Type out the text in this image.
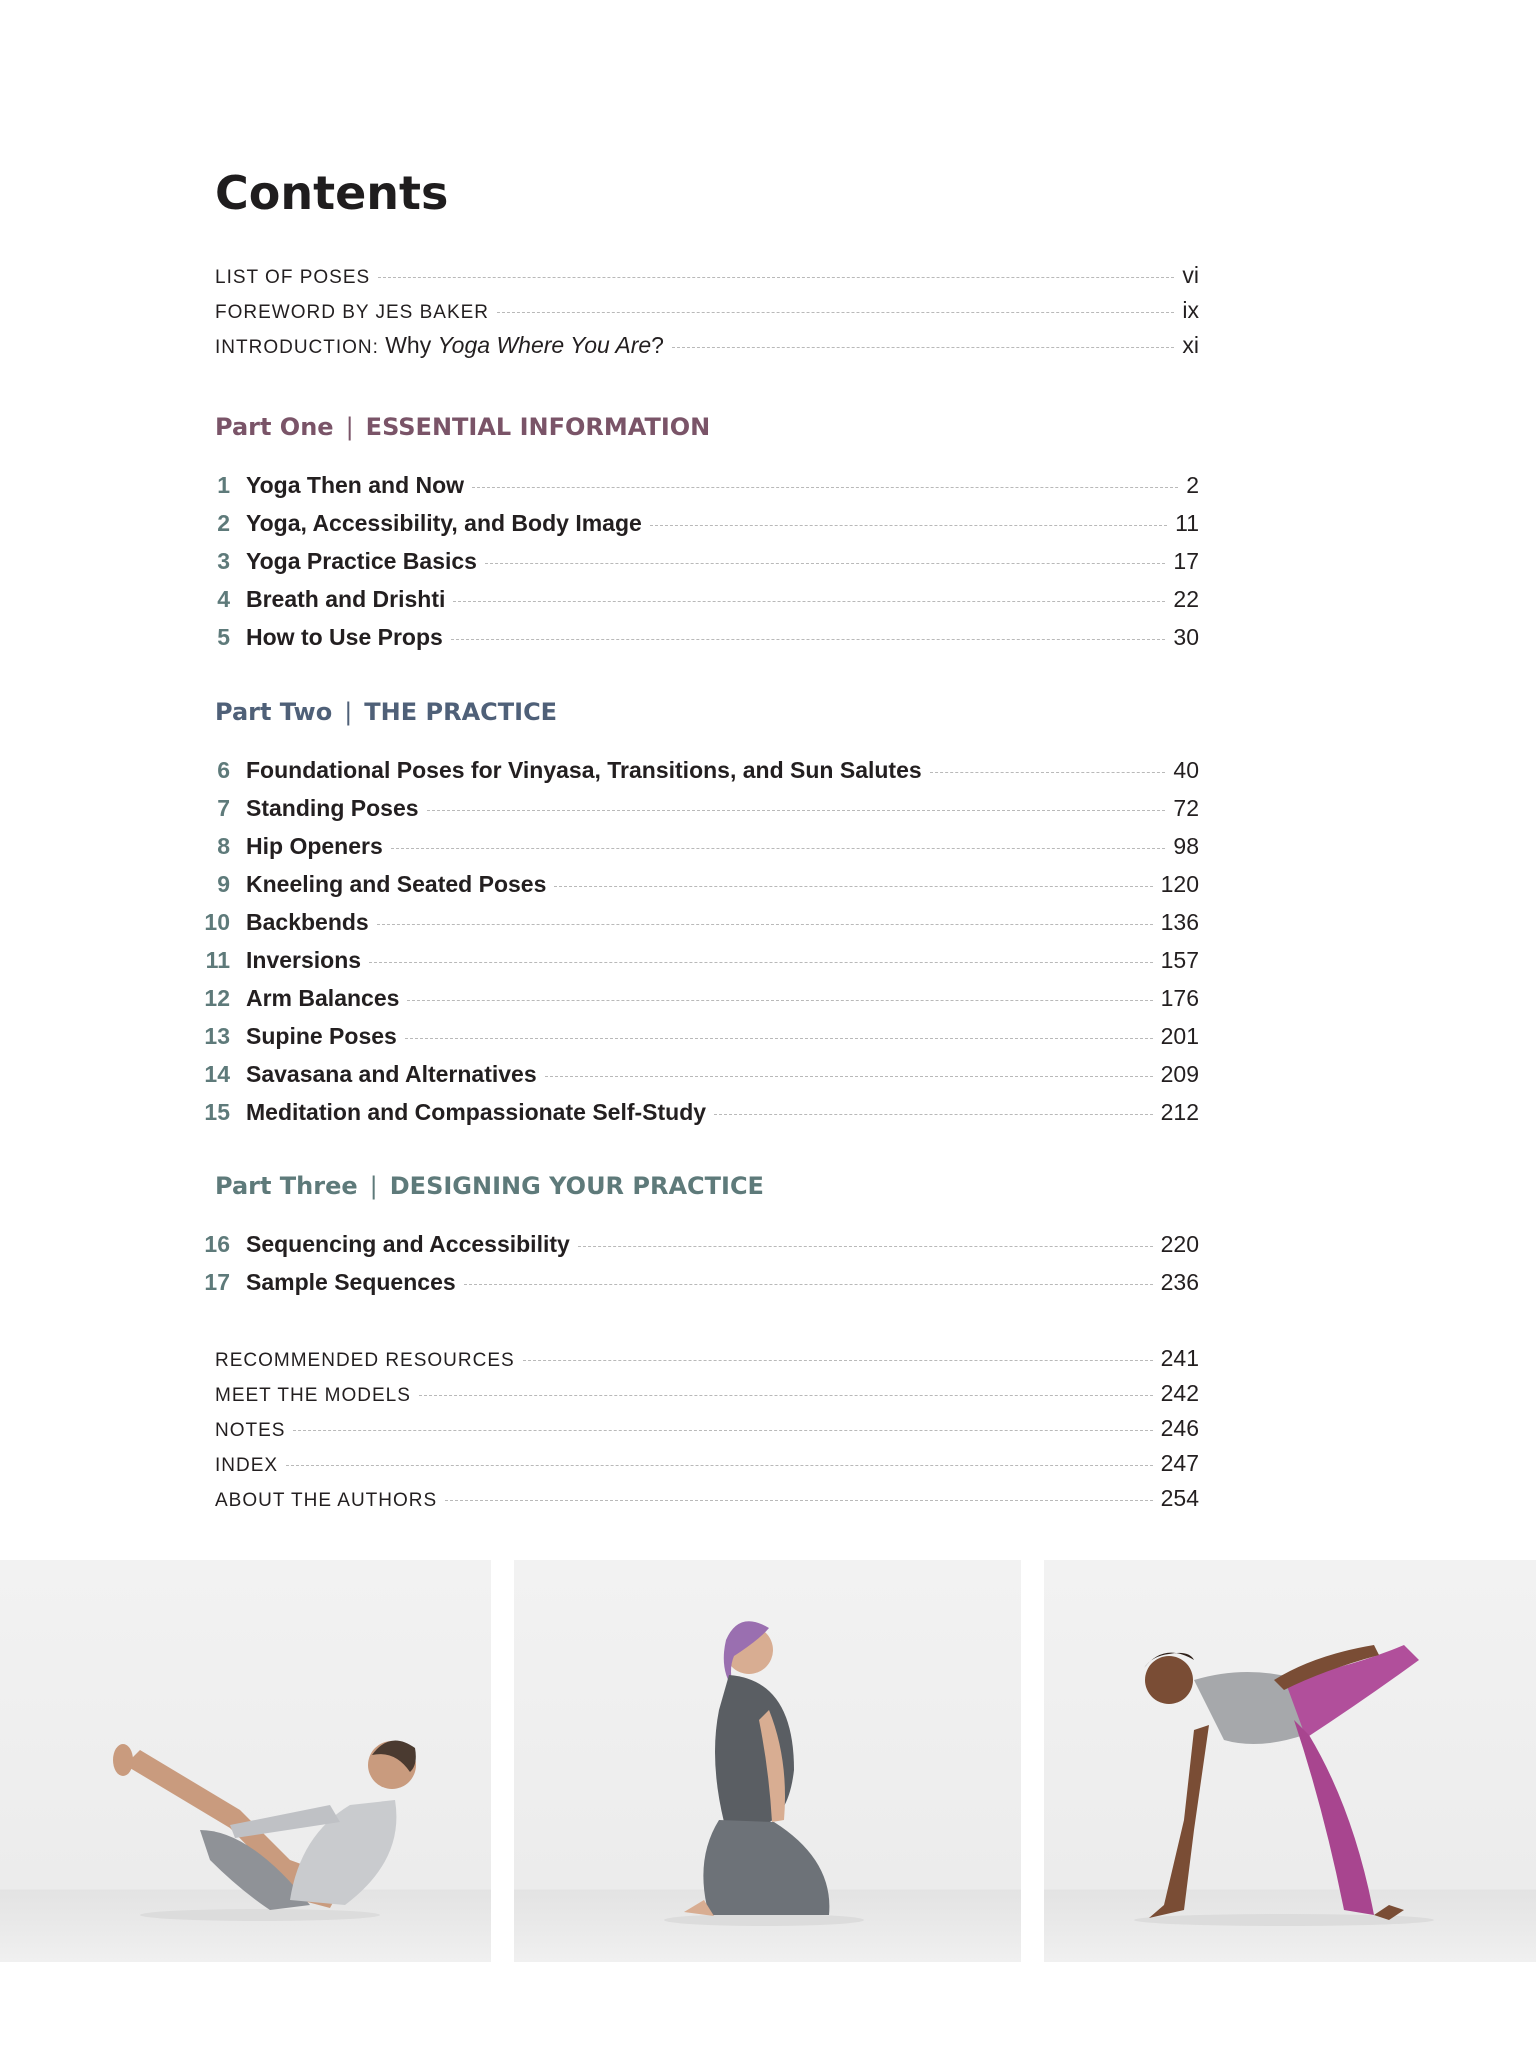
Contents
LIST OF POSES	vi
FOREWORD BY JES BAKER	ix
INTRODUCTION: Why Yoga Where You Are?	xi
Part One | ESSENTIAL INFORMATION
Part Two | THE PRACTICE
Part Three | DESIGNING YOUR PRACTICE
1 Yoga Then and Now	2
2 Yoga, Accessibility, and Body Image	11
3 Yoga Practice Basics	17
4 Breath and Drishti	22
5 How to Use Props	30
6 Foundational Poses for Vinyasa, Transitions, and Sun Salutes	40
7 Standing Poses	72
8 Hip Openers	98
9 Kneeling and Seated Poses	120
10 Backbends	136
11 Inversions	157
12 Arm Balances	176
13 Supine Poses	201
14 Savasana and Alternatives	209
15 Meditation and Compassionate Self-Study	212
16 Sequencing and Accessibility	220
17 Sample Sequences	236
RECOMMENDED RESOURCES	241
MEET THE MODELS	242
NOTES	246
INDEX	247
ABOUT THE AUTHORS	254
